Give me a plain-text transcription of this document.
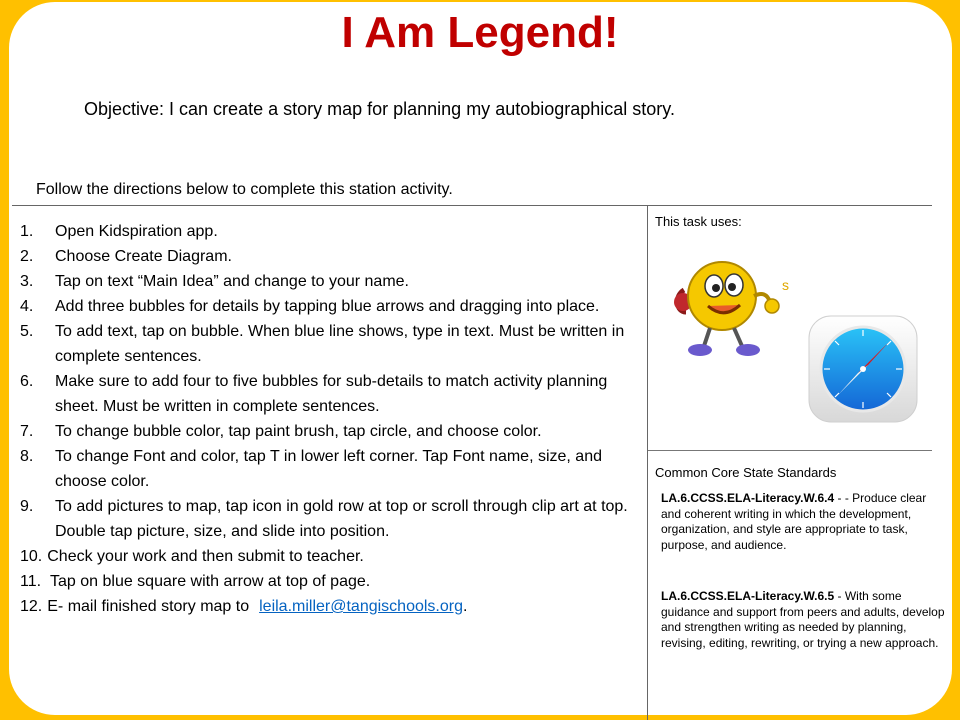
I Am Legend!
Objective: I can create a story map for planning my autobiographical story.
Follow the directions below to complete this station activity.
1. Open Kidspiration app.
2. Choose Create Diagram.
3. Tap on text “Main Idea” and change to your name.
4. Add three bubbles for details by tapping blue arrows and dragging into place.
5. To add text, tap on bubble. When blue line shows, type in text. Must be written in complete sentences.
6. Make sure to add four to five bubbles for sub-details to match activity planning sheet. Must be written in complete sentences.
7. To change bubble color, tap paint brush, tap circle, and choose color.
8. To change Font and color, tap T in lower left corner. Tap Font name, size, and choose color.
9. To add pictures to map, tap icon in gold row at top or scroll through clip art at top. Double tap picture, size, and slide into position.
10. Check your work and then submit to teacher.
11. Tap on blue square with arrow at top of page.
12. E- mail finished story map to leila.miller@tangischools.org.
This task uses:
s
Common Core State Standards
LA.6.CCSS.ELA-Literacy.W.6.4 - - Produce clear and coherent writing in which the development, organization, and style are appropriate to task, purpose, and audience.
LA.6.CCSS.ELA-Literacy.W.6.5 - With some guidance and support from peers and adults, develop and strengthen writing as needed by planning, revising, editing, rewriting, or trying a new approach.
